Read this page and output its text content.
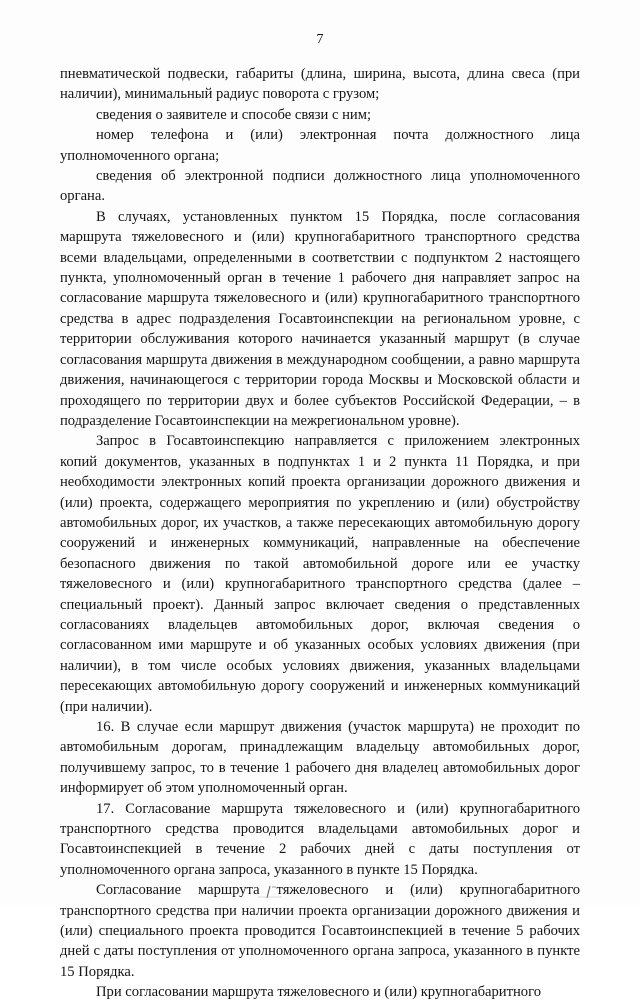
7

пневматической подвески, габариты (длина, ширина, высота, длина свеса (при наличии), минимальный радиус поворота с грузом;

сведения о заявителе и способе связи с ним;

номер телефона и (или) электронная почта должностного лица уполномоченного органа;

сведения об электронной подписи должностного лица уполномоченного органа.

В случаях, установленных пунктом 15 Порядка, после согласования маршрута тяжеловесного и (или) крупногабаритного транспортного средства всеми владельцами, определенными в соответствии с подпунктом 2 настоящего пункта, уполномоченный орган в течение 1 рабочего дня направляет запрос на согласование маршрута тяжеловесного и (или) крупногабаритного транспортного средства в адрес подразделения Госавтоинспекции на региональном уровне, с территории обслуживания которого начинается указанный маршрут (в случае согласования маршрута движения в международном сообщении, а равно маршрута движения, начинающегося с территории города Москвы и Московской области и проходящего по территории двух и более субъектов Российской Федерации, – в подразделение Госавтоинспекции на межрегиональном уровне).

Запрос в Госавтоинспекцию направляется с приложением электронных копий документов, указанных в подпунктах 1 и 2 пункта 11 Порядка, и при необходимости электронных копий проекта организации дорожного движения и (или) проекта, содержащего мероприятия по укреплению и (или) обустройству автомобильных дорог, их участков, а также пересекающих автомобильную дорогу сооружений и инженерных коммуникаций, направленные на обеспечение безопасного движения по такой автомобильной дороге или ее участку тяжеловесного и (или) крупногабаритного транспортного средства (далее – специальный проект). Данный запрос включает сведения о представленных согласованиях владельцев автомобильных дорог, включая сведения о согласованном ими маршруте и об указанных особых условиях движения (при наличии), в том числе особых условиях движения, указанных владельцами пересекающих автомобильную дорогу сооружений и инженерных коммуникаций (при наличии).

16. В случае если маршрут движения (участок маршрута) не проходит по автомобильным дорогам, принадлежащим владельцу автомобильных дорог, получившему запрос, то в течение 1 рабочего дня владелец автомобильных дорог информирует об этом уполномоченный орган.

17. Согласование маршрута тяжеловесного и (или) крупногабаритного транспортного средства проводится владельцами автомобильных дорог и Госавтоинспекцией в течение 2 рабочих дней с даты поступления от уполномоченного органа запроса, указанного в пункте 15 Порядка.

Согласование маршрута тяжеловесного и (или) крупногабаритного транспортного средства при наличии проекта организации дорожного движения и (или) специального проекта проводится Госавтоинспекцией в течение 5 рабочих дней с даты поступления от уполномоченного органа запроса, указанного в пункте 15 Порядка.

При согласовании маршрута тяжеловесного и (или) крупногабаритного
